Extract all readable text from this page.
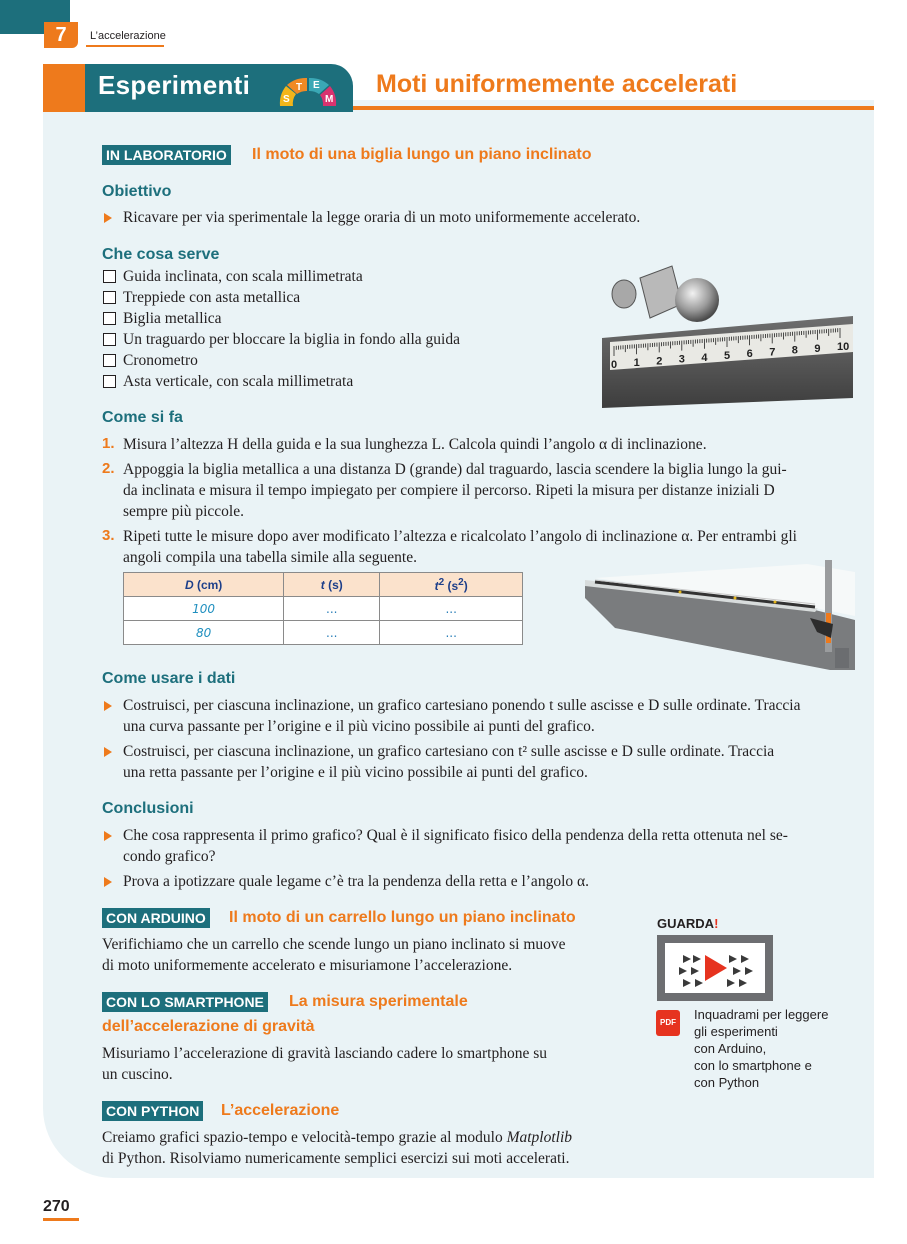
7	L’accelerazione
Esperimenti	S
T E
M
Moti uniformemente accelerati
IN LABORATORIO Il moto di una biglia lungo un piano inclinato
Obiettivo
Ricavare per via sperimentale la legge oraria di un moto uniformemente accelerato.
Che cosa serve
Guida inclinata, con scala millimetrata
Treppiede con asta metallica
Biglia metallica
Un traguardo per bloccare la biglia in fondo alla guida
Cronometro
Asta verticale, con scala millimetrata
0 1 2 3 4 5 6 7 8 9 10
Come si fa
1. Misura l’altezza H della guida e la sua lunghezza L. Calcola quindi l’angolo α di inclinazione.
2. Appoggia la biglia metallica a una distanza D (grande) dal traguardo, lascia scendere la biglia lungo la gui-
da inclinata e misura il tempo impiegato per compiere il percorso. Ripeti la misura per distanze iniziali D
sempre più piccole.
3. Ripeti tutte le misure dopo aver modificato l’altezza e ricalcolato l’angolo di inclinazione α. Per entrambi gli
angoli compila una tabella simile alla seguente.
D (cm)	t (s)	$t^2$ $(s^2)$
100	...	...
80	...	...
Come usare i dati
Costruisci, per ciascuna inclinazione, un grafico cartesiano ponendo t sulle ascisse e D sulle ordinate. Traccia
una curva passante per l’origine e il più vicino possibile ai punti del grafico.
Costruisci, per ciascuna inclinazione, un grafico cartesiano con t² sulle ascisse e D sulle ordinate. Traccia
una retta passante per l’origine e il più vicino possibile ai punti del grafico.
Conclusioni
Che cosa rappresenta il primo grafico? Qual è il significato fisico della pendenza della retta ottenuta nel se-
condo grafico?
Prova a ipotizzare quale legame c’è tra la pendenza della retta e l’angolo α.
CON ARDUINO Il moto di un carrello lungo un piano inclinato
Verifichiamo che un carrello che scende lungo un piano inclinato si muove
di moto uniformemente accelerato e misuriamone l’accelerazione.
CON LO SMARTPHONE La misura sperimentale
dell’accelerazione di gravità
Misuriamo l’accelerazione di gravità lasciando cadere lo smartphone su
un cuscino.
CON PYTHON L’accelerazione
Creiamo grafici spazio-tempo e velocità-tempo grazie al modulo Matplotlib
di Python. Risolviamo numericamente semplici esercizi sui moti accelerati.
GUARDA!
PDF
Inquadrami per leggere
gli esperimenti
con Arduino,
con lo smartphone e
con Python
270
